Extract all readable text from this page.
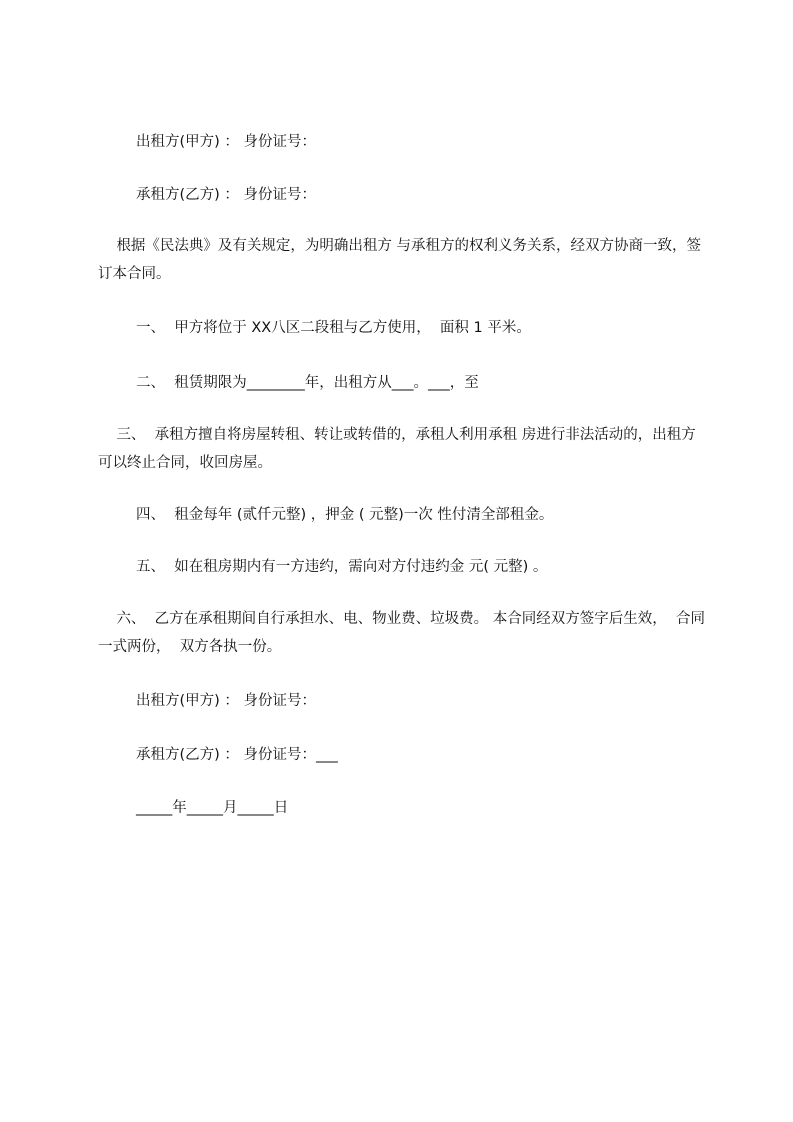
出租方(甲方) ： 身份证号：
承租方(乙方) ： 身份证号：
根据《民法典》及有关规定，为明确出租方 与承租方的权利义务关系，经双方协商一致，签订本合同。
一、  甲方将位于 XX八区二段租与乙方使用，  面积 1 平米。
二、  租赁期限为________年，出租方从___。___，至
三、  承租方擅自将房屋转租、转让或转借的，承租人利用承租 房进行非法活动的，出租方可以终止合同，收回房屋。
四、  租金每年 (贰仟元整) ，押金 ( 元整)一次 性付清全部租金。
五、  如在租房期内有一方违约，需向对方付违约金 元( 元整) 。
六、  乙方在承租期间自行承担水、电、物业费、垃圾费。 本合同经双方签字后生效，  合同一式两份，  双方各执一份。
出租方(甲方) ： 身份证号：
承租方(乙方) ： 身份证号：___
_____年_____月_____日
